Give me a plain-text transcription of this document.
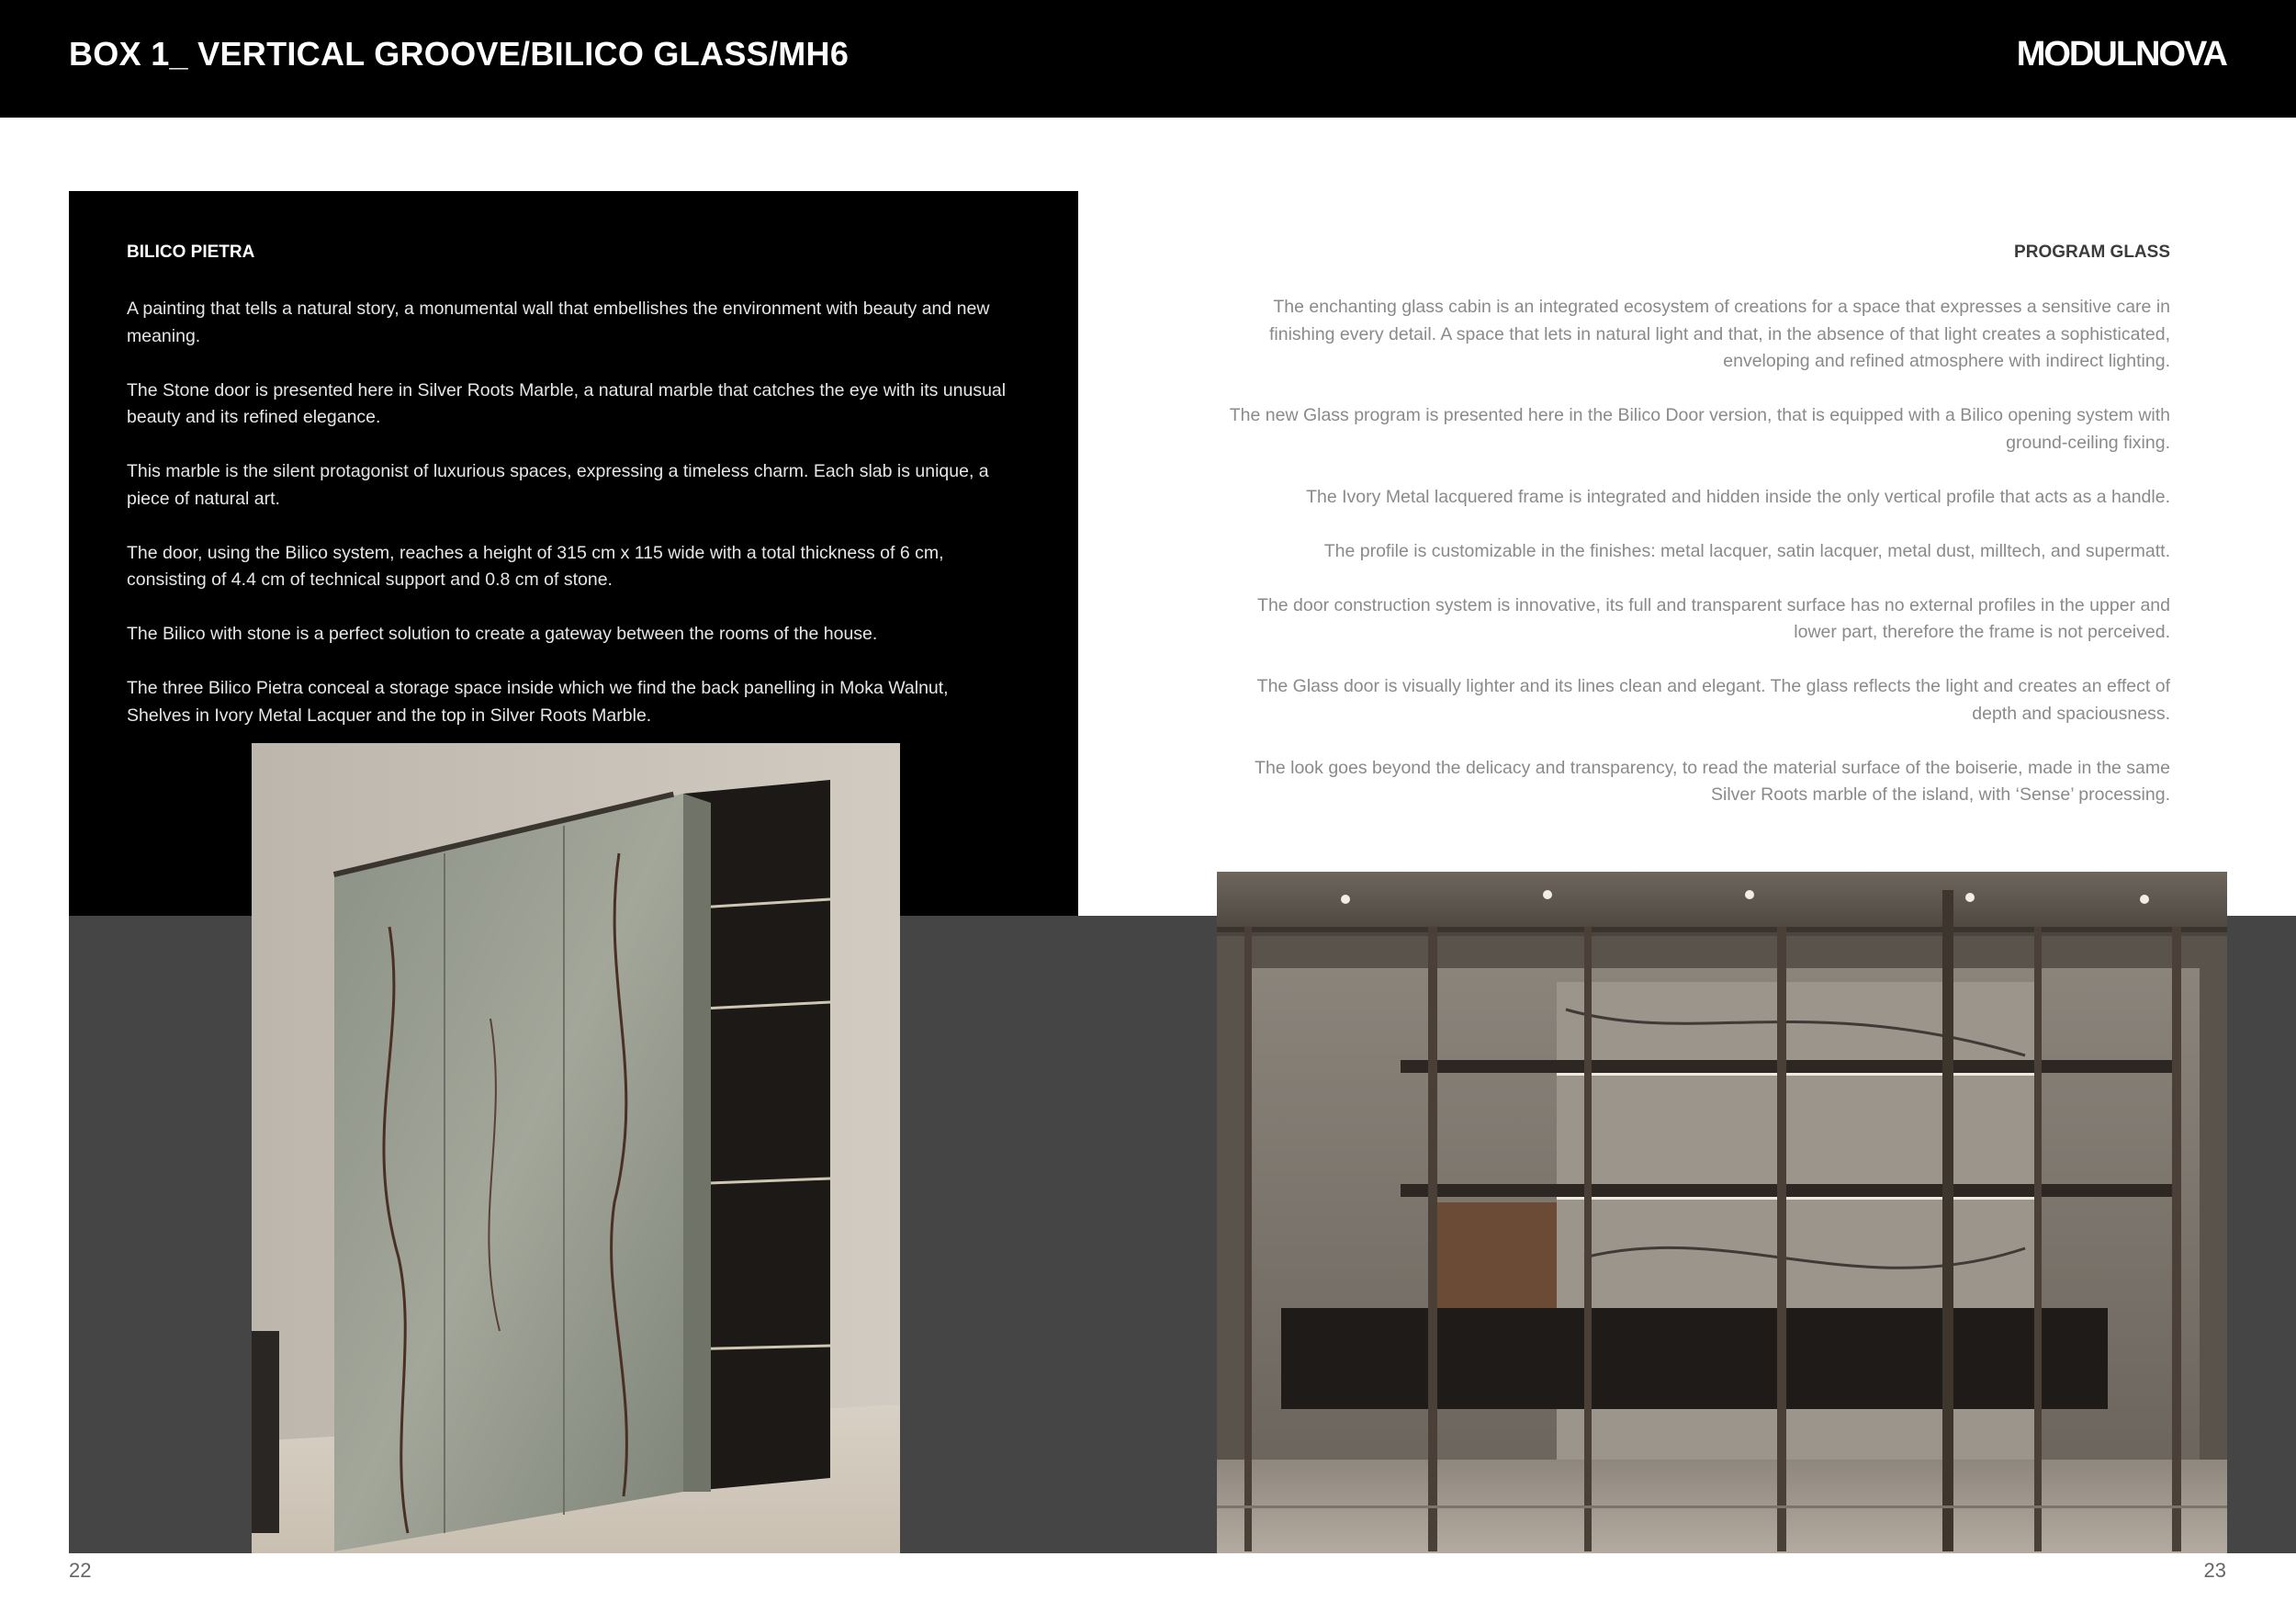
BOX 1_ VERTICAL GROOVE/BILICO GLASS/MH6	MODULNOVA
BILICO PIETRA

A painting that tells a natural story, a monumental wall that embellishes the environment with beauty and new meaning.

The Stone door is presented here in Silver Roots Marble, a natural marble that catches the eye with its unusual beauty and its refined elegance.

This marble is the silent protagonist of luxurious spaces, expressing a timeless charm. Each slab is unique, a piece of natural art.

The door, using the Bilico system, reaches a height of 315 cm x 115 wide with a total thickness of 6 cm, consisting of 4.4 cm of technical support and 0.8 cm of stone.

The Bilico with stone is a perfect solution to create a gateway between the rooms of the house.

The three Bilico Pietra conceal a storage space inside which we find the back panelling in Moka Walnut, Shelves in Ivory Metal Lacquer and the top in Silver Roots Marble.

PROGRAM GLASS

The enchanting glass cabin is an integrated ecosystem of creations for a space that expresses a sensitive care in finishing every detail. A space that lets in natural light and that, in the absence of that light creates a sophisticated, enveloping and refined atmosphere with indirect lighting.

The new Glass program is presented here in the Bilico Door version, that is equipped with a Bilico opening system with ground-ceiling fixing.

The Ivory Metal lacquered frame is integrated and hidden inside the only vertical profile that acts as a handle.

The profile is customizable in the finishes: metal lacquer, satin lacquer, metal dust, milltech, and supermatt.

The door construction system is innovative, its full and transparent surface has no external profiles in the upper and lower part, therefore the frame is not perceived.

The Glass door is visually lighter and its lines clean and elegant. The glass reflects the light and creates an effect of depth and spaciousness.

The look goes beyond the delicacy and transparency, to read the material surface of the boiserie, made in the same Silver Roots marble of the island, with ‘Sense’ processing.

22	23
